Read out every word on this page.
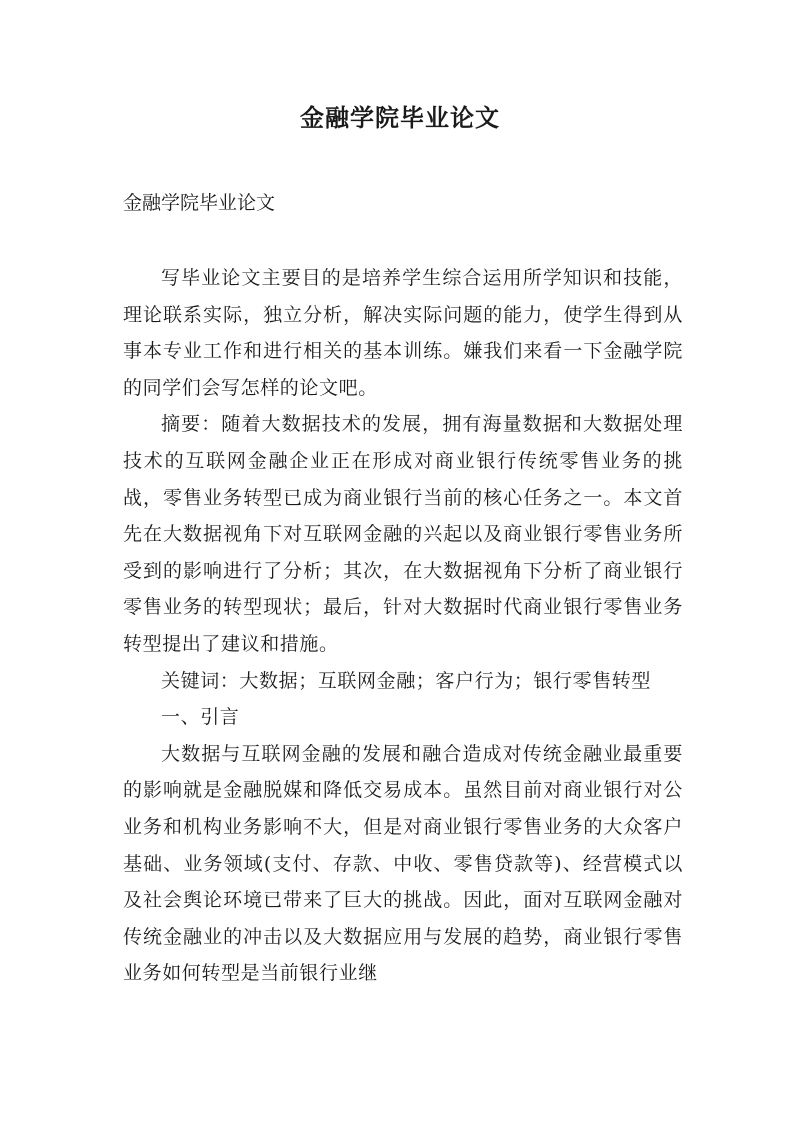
金融学院毕业论文

金融学院毕业论文

写毕业论文主要目的是培养学生综合运用所学知识和技能，理论联系实际，独立分析，解决实际问题的能力，使学生得到从事本专业工作和进行相关的基本训练。嫌我们来看一下金融学院的同学们会写怎样的论文吧。

摘要：随着大数据技术的发展，拥有海量数据和大数据处理技术的互联网金融企业正在形成对商业银行传统零售业务的挑战，零售业务转型已成为商业银行当前的核心任务之一。本文首先在大数据视角下对互联网金融的兴起以及商业银行零售业务所受到的影响进行了分析；其次，在大数据视角下分析了商业银行零售业务的转型现状；最后，针对大数据时代商业银行零售业务转型提出了建议和措施。

关键词：大数据；互联网金融；客户行为；银行零售转型

一、引言

大数据与互联网金融的发展和融合造成对传统金融业最重要的影响就是金融脱媒和降低交易成本。虽然目前对商业银行对公业务和机构业务影响不大，但是对商业银行零售业务的大众客户基础、业务领域(支付、存款、中收、零售贷款等)、经营模式以及社会舆论环境已带来了巨大的挑战。因此，面对互联网金融对传统金融业的冲击以及大数据应用与发展的趋势，商业银行零售业务如何转型是当前银行业继
